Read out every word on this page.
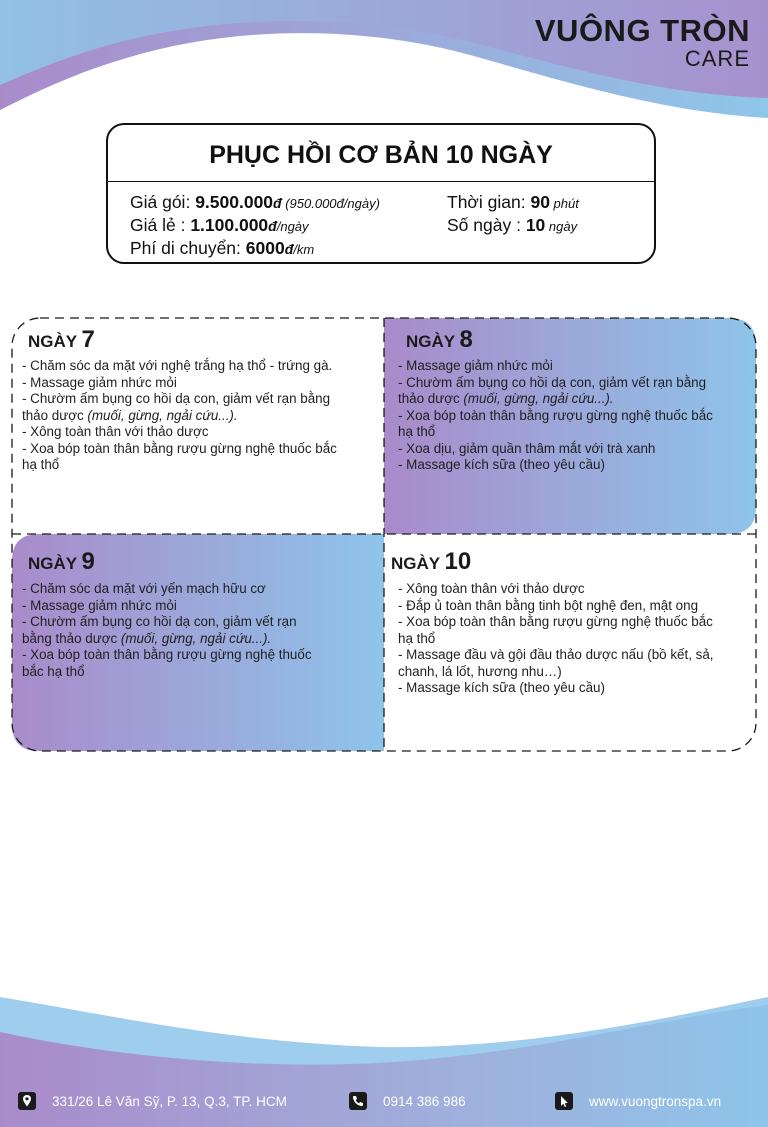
VUÔNG TRÒN
CARE
PHỤC HỒI CƠ BẢN 10 NGÀY
Giá gói: 9.500.000đ (950.000đ/ngày)
Giá lẻ : 1.100.000đ/ngày
Phí di chuyển: 6000đ/km
Thời gian: 90 phút
Số ngày : 10 ngày
NGÀY 7
- Chăm sóc da mặt với nghệ trắng hạ thổ - trứng gà.
- Massage giảm nhức mỏi
- Chườm ấm bụng co hồi dạ con, giảm vết rạn bằng
thảo dược (muối, gừng, ngải cứu...).
- Xông toàn thân với thảo dược
- Xoa bóp toàn thân bằng rượu gừng nghệ thuốc bắc
hạ thổ
NGÀY 8
- Massage giảm nhức mỏi
- Chườm ấm bụng co hồi dạ con, giảm vết rạn bằng
thảo dược (muối, gừng, ngải cứu...).
- Xoa bóp toàn thân bằng rượu gừng nghệ thuốc bắc
hạ thổ
- Xoa dịu, giảm quần thâm mắt với trà xanh
- Massage kích sữa (theo yêu cầu)
NGÀY 9
- Chăm sóc da mặt với yến mạch hữu cơ
- Massage giảm nhức mỏi
- Chườm ấm bụng co hồi dạ con, giảm vết rạn
bằng thảo dược (muối, gừng, ngải cứu...).
- Xoa bóp toàn thân bằng rượu gừng nghệ thuốc
bắc hạ thổ
NGÀY 10
- Xông toàn thân với thảo dược
- Đắp ủ toàn thân bằng tinh bột nghệ đen, mật ong
- Xoa bóp toàn thân bằng rượu gừng nghệ thuốc bắc
hạ thổ
- Massage đầu và gội đầu thảo dược nấu (bồ kết, sả,
chanh, lá lốt, hương nhu…)
- Massage kích sữa (theo yêu cầu)
331/26 Lê Văn Sỹ, P. 13, Q.3, TP. HCM	0914 386 986	www.vuongtronspa.vn
